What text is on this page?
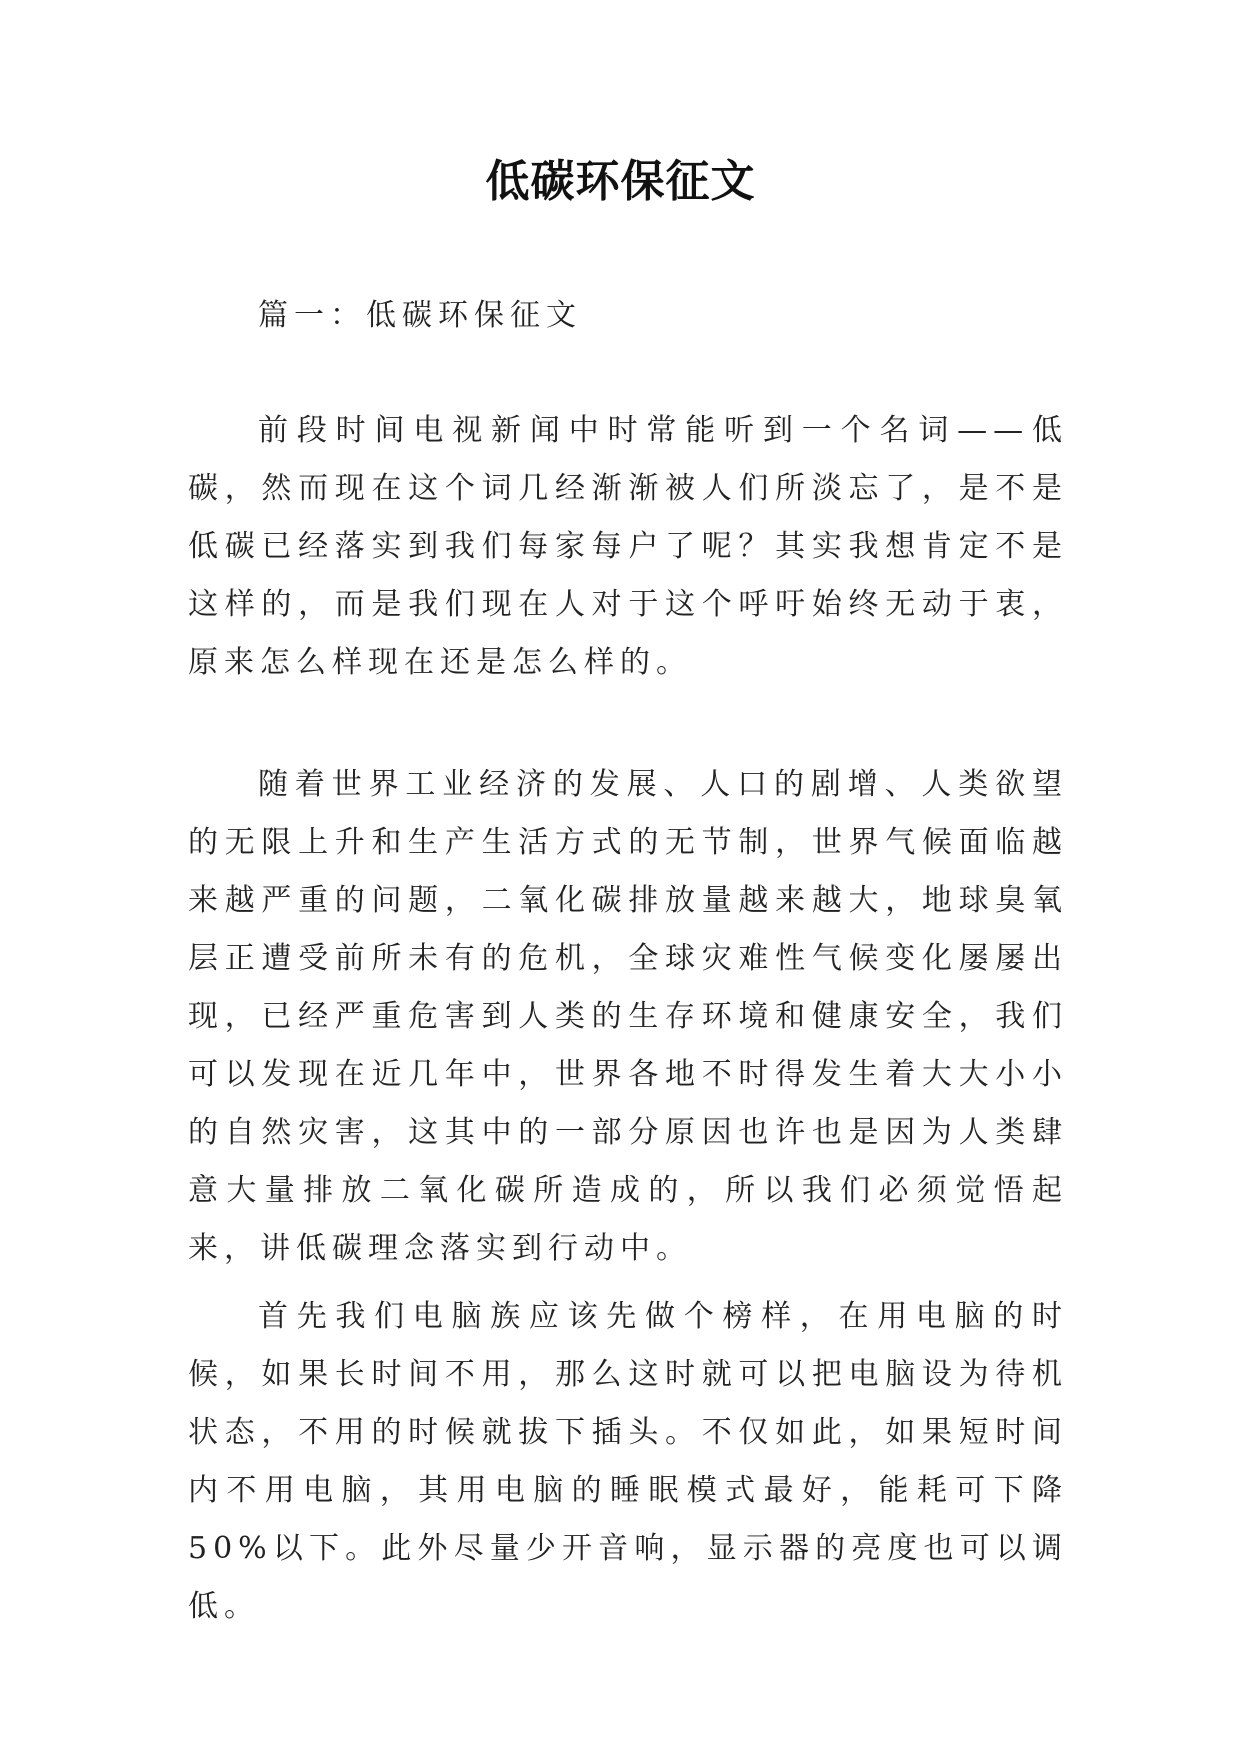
低碳环保征文

篇一：低碳环保征文

前段时间电视新闻中时常能听到一个名词——低碳，然而现在这个词几经渐渐被人们所淡忘了，是不是低碳已经落实到我们每家每户了呢？其实我想肯定不是这样的，而是我们现在人对于这个呼吁始终无动于衷，原来怎么样现在还是怎么样的。

随着世界工业经济的发展、人口的剧增、人类欲望的无限上升和生产生活方式的无节制，世界气候面临越来越严重的问题，二氧化碳排放量越来越大，地球臭氧层正遭受前所未有的危机，全球灾难性气候变化屡屡出现，已经严重危害到人类的生存环境和健康安全，我们可以发现在近几年中，世界各地不时得发生着大大小小的自然灾害，这其中的一部分原因也许也是因为人类肆意大量排放二氧化碳所造成的，所以我们必须觉悟起来，讲低碳理念落实到行动中。

首先我们电脑族应该先做个榜样，在用电脑的时候，如果长时间不用，那么这时就可以把电脑设为待机状态，不用的时候就拔下插头。不仅如此，如果短时间内不用电脑，其用电脑的睡眠模式最好，能耗可下降 50%以下。此外尽量少开音响，显示器的亮度也可以调低。
